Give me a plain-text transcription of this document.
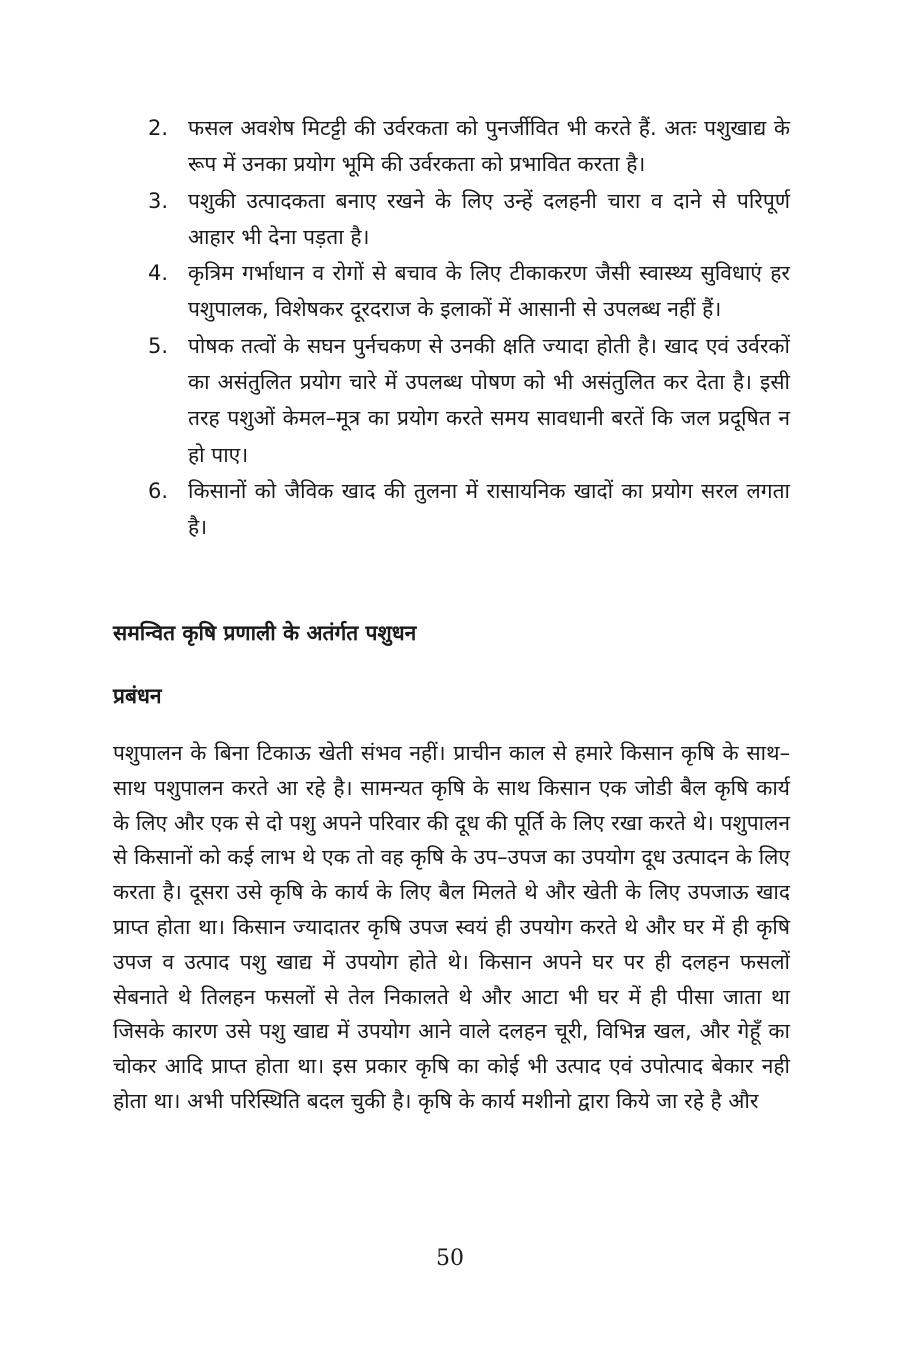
2. फसल अवशेष मिटट्टी की उर्वरकता को पुनर्जीवित भी करते हैं. अतः पशुखाद्य के रूप में उनका प्रयोग भूमि की उर्वरकता को प्रभावित करता है।
3. पशुकी उत्पादकता बनाए रखने के लिए उन्हें दलहनी चारा व दाने से परिपूर्ण आहार भी देना पड़ता है।
4. कृत्रिम गर्भाधान व रोगों से बचाव के लिए टीकाकरण जैसी स्वास्थ्य सुविधाएं हर पशुपालक, विशेषकर दूरदराज के इलाकों में आसानी से उपलब्ध नहीं हैं।
5. पोषक तत्वों के सघन पुर्नचकण से उनकी क्षति ज्यादा होती है। खाद एवं उर्वरकों का असंतुलित प्रयोग चारे में उपलब्ध पोषण को भी असंतुलित कर देता है। इसी तरह पशुओं केमल–मूत्र का प्रयोग करते समय सावधानी बरतें कि जल प्रदूषित न हो पाए।
6. किसानों को जैविक खाद की तुलना में रासायनिक खादों का प्रयोग सरल लगता है।
समन्वित कृषि प्रणाली के अतंर्गत पशुधन
प्रबंधन

पशुपालन के बिना टिकाऊ खेती संभव नहीं। प्राचीन काल से हमारे किसान कृषि के साथ–साथ पशुपालन करते आ रहे है। सामन्यत कृषि के साथ किसान एक जोडी बैल कृषि कार्य के लिए और एक से दो पशु अपने परिवार की दूध की पूर्ति के लिए रखा करते थे। पशुपालन से किसानों को कई लाभ थे एक तो वह कृषि के उप–उपज का उपयोग दूध उत्पादन के लिए करता है। दूसरा उसे कृषि के कार्य के लिए बैल मिलते थे और खेती के लिए उपजाऊ खाद प्राप्त होता था। किसान ज्यादातर कृषि उपज स्वयं ही उपयोग करते थे और घर में ही कृषि उपज व उत्पाद पशु खाद्य में उपयोग होते थे। किसान अपने घर पर ही दलहन फसलों सेबनाते थे तिलहन फसलों से तेल निकालते थे और आटा भी घर में ही पीसा जाता था जिसके कारण उसे पशु खाद्य में उपयोग आने वाले दलहन चूरी, विभिन्न खल, और गेहूँ का चोकर आदि प्राप्त होता था। इस प्रकार कृषि का कोई भी उत्पाद एवं उपोत्पाद बेकार नही होता था। अभी परिस्थिति बदल चुकी है। कृषि के कार्य मशीनो द्वारा किये जा रहे है और

50
